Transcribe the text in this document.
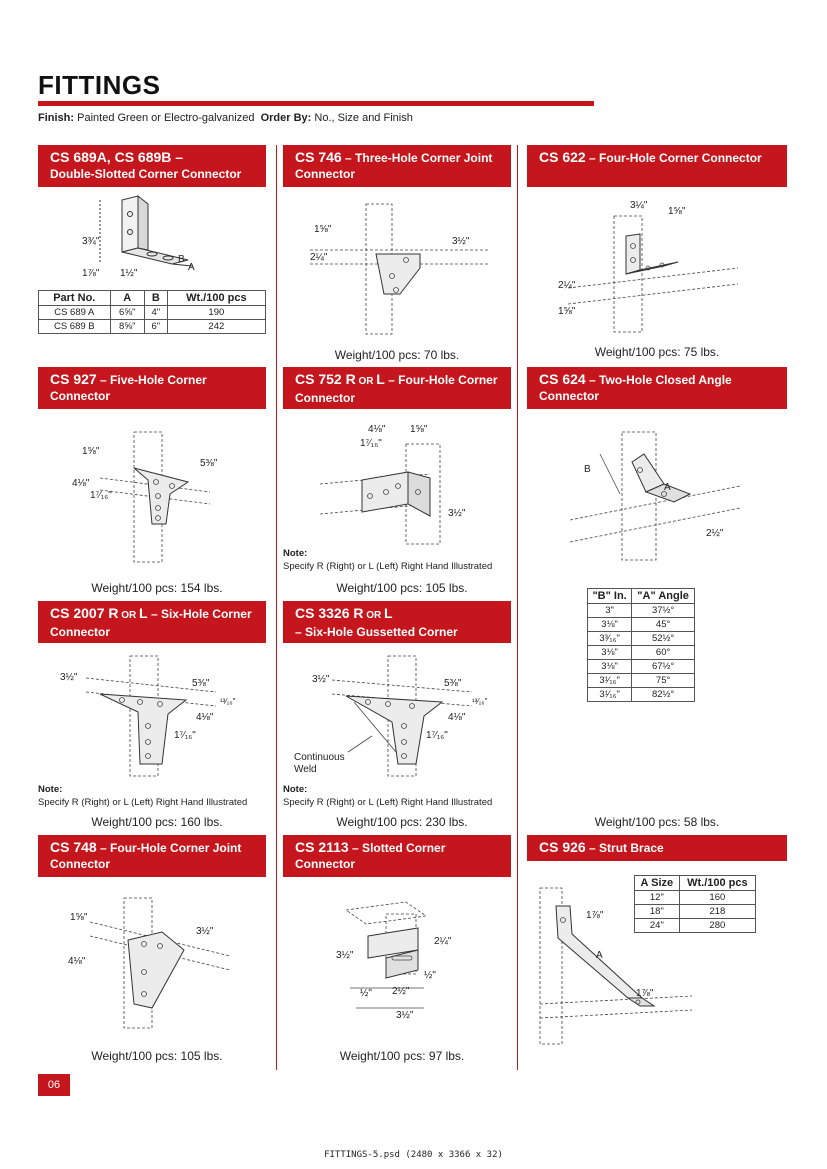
FITTINGS
Finish: Painted Green or Electro-galvanized Order By: No., Size and Finish
CS 689A, CS 689B –
Double-Slotted Corner Connector
3¾"
1⅞" 1½"
B
A
Part No.	A	B	Wt./100 pcs
CS 689 A	6⅝"	4"	190
CS 689 B	8⅝"	6"	242
CS 746 – Three-Hole Corner Joint Connector
1⅝"
2¼"
3½"
Weight/100 pcs: 70 lbs.
CS 622 – Four-Hole Corner Connector
3¼"
1⅝"
2¼"
1⅝"
Weight/100 pcs: 75 lbs.
CS 927 – Five-Hole Corner Connector
1⅝"
5⅜"
4⅛"
1⁷⁄₁₆"
Weight/100 pcs: 154 lbs.
CS 752 R OR L – Four-Hole Corner Connector
4⅛" 1⅝"
1⁷⁄₁₆"
3½"
Note:
Specify R (Right) or L (Left) Right Hand Illustrated
Weight/100 pcs: 105 lbs.
CS 624 – Two-Hole Closed Angle Connector
B
A
2½"
"B" In.	"A" Angle
3"	37½°
3⅛"	45°
3³⁄₁₆"	52½°
3⅛"	60°
3⅛"	67½°
3¹⁄₁₆"	75°
3¹⁄₁₆"	82½°
CS 2007 R OR L – Six-Hole Corner Connector
3½"
5⅜"
¹³⁄₁₆"
4⅛"
1⁷⁄₁₆"
Note:
Specify R (Right) or L (Left) Right Hand Illustrated
Weight/100 pcs: 160 lbs.
CS 3326 R OR L
– Six-Hole Gussetted Corner Connector
3½"	5⅜"
¹³⁄₁₆"
4⅛"
1⁷⁄₁₆"
Continuous
Weld
Note:
Specify R (Right) or L (Left) Right Hand Illustrated
Weight/100 pcs: 230 lbs.	Weight/100 pcs: 58 lbs.
CS 748 – Four-Hole Corner Joint Connector
1⅝"
3½"
4⅛"
Weight/100 pcs: 105 lbs.
CS 2113 – Slotted Corner Connector
2¼"
3½"
½"
½" 2½"
3½"
Weight/100 pcs: 97 lbs.
CS 926 – Strut Brace
1⅞"
A
1⅞"
A Size	Wt./100 pcs
12"	160
18"	218
24"	280
06
FITTINGS-5.psd (2480 x 3366 x 32)
